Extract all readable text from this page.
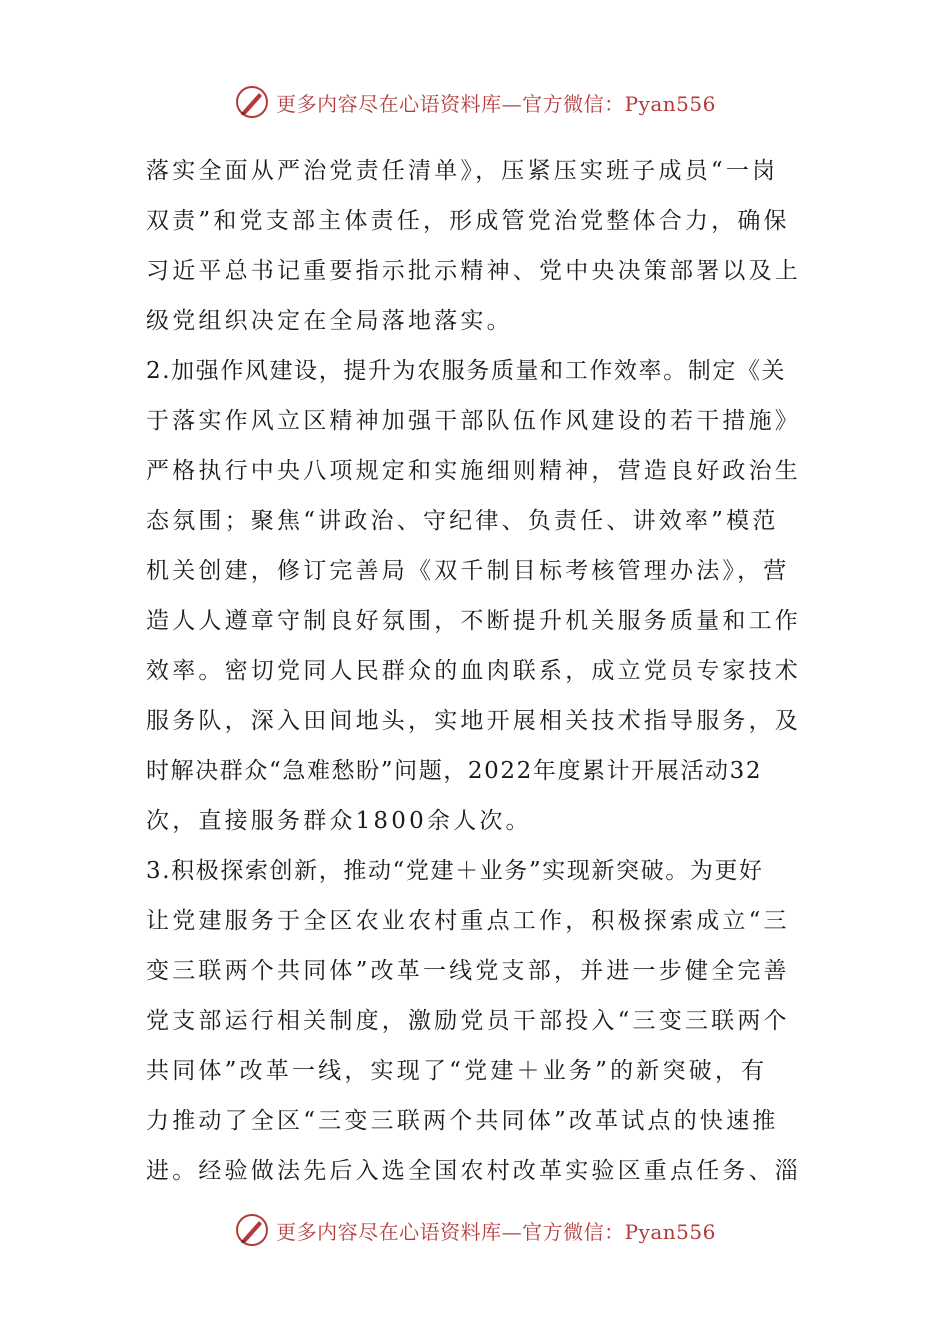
更多内容尽在心语资料库—官方微信：Pyan556
落实全面从严治党责任清单》，压紧压实班子成员“一岗
双责”和党支部主体责任，形成管党治党整体合力，确保
习近平总书记重要指示批示精神、党中央决策部署以及上
级党组织决定在全局落地落实。
2.加强作风建设，提升为农服务质量和工作效率。制定《关
于落实作风立区精神加强干部队伍作风建设的若干措施》
严格执行中央八项规定和实施细则精神，营造良好政治生
态氛围；聚焦“讲政治、守纪律、负责任、讲效率”模范
机关创建，修订完善局《双千制目标考核管理办法》，营
造人人遵章守制良好氛围，不断提升机关服务质量和工作
效率。密切党同人民群众的血肉联系，成立党员专家技术
服务队，深入田间地头，实地开展相关技术指导服务，及
时解决群众“急难愁盼”问题，2022年度累计开展活动32
次，直接服务群众1800余人次。
3.积极探索创新，推动“党建＋业务”实现新突破。为更好
让党建服务于全区农业农村重点工作，积极探索成立“三
变三联两个共同体”改革一线党支部，并进一步健全完善
党支部运行相关制度，激励党员干部投入“三变三联两个
共同体”改革一线，实现了“党建＋业务”的新突破，有
力推动了全区“三变三联两个共同体”改革试点的快速推
进。经验做法先后入选全国农村改革实验区重点任务、淄
更多内容尽在心语资料库—官方微信：Pyan556
